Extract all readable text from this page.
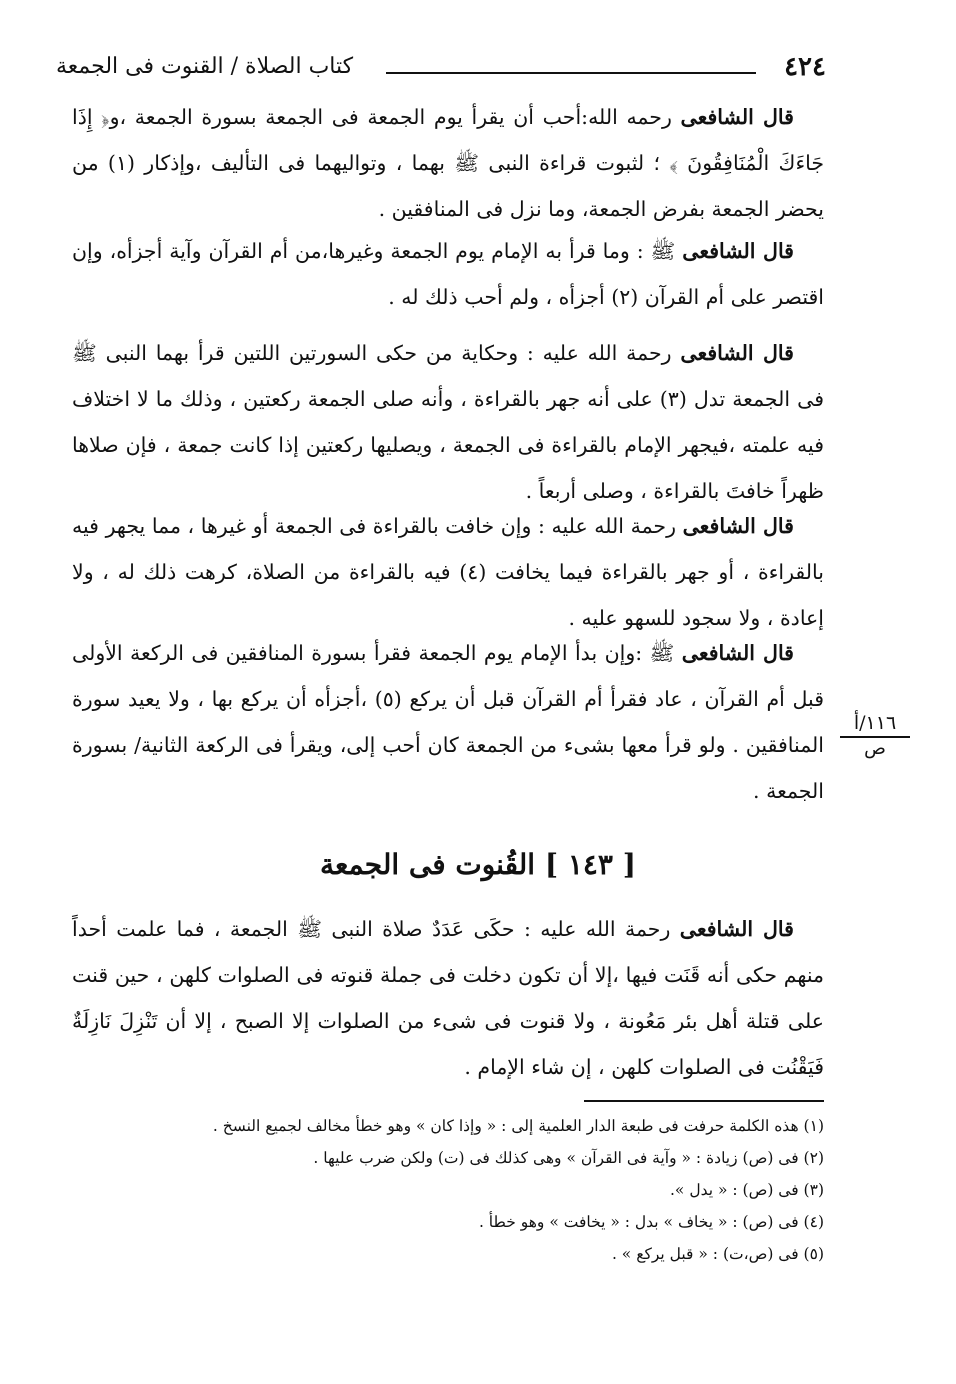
٤٢٤
كتاب الصلاة / القنوت فى الجمعة

قال الشافعى رحمه الله:أحب أن يقرأ يوم الجمعة فى الجمعة بسورة الجمعة ،و﴿ إِذَا جَاءَكَ الْمُنَافِقُونَ ﴾ ؛ لثبوت قراءة النبى ﷺ بهما ، وتواليهما فى التأليف ،وإذكار (١) من يحضر الجمعة بفرض الجمعة، وما نزل فى المنافقين .

قال الشافعى ﷺ : وما قرأ به الإمام يوم الجمعة وغيرها،من أم القرآن وآية أجزأه، وإن اقتصر على أم القرآن (٢) أجزأه ، ولم أحب ذلك له .

قال الشافعى رحمة الله عليه : وحكاية من حكى السورتين اللتين قرأ بهما النبى ﷺ فى الجمعة تدل (٣) على أنه جهر بالقراءة ، وأنه صلى الجمعة ركعتين ، وذلك ما لا اختلاف فيه علمته ،فيجهر الإمام بالقراءة فى الجمعة ، ويصليها ركعتين إذا كانت جمعة ، فإن صلاها ظهراً خافتَ بالقراءة ، وصلى أربعاً .

قال الشافعى رحمة الله عليه : وإن خافت بالقراءة فى الجمعة أو غيرها ، مما يجهر فيه بالقراءة ، أو جهر بالقراءة فيما يخافت (٤) فيه بالقراءة من الصلاة، كرهت ذلك له ، ولا إعادة ، ولا سجود للسهو عليه .

قال الشافعى ﷺ :وإن بدأ الإمام يوم الجمعة فقرأ بسورة المنافقين فى الركعة الأولى قبل أم القرآن ، عاد فقرأ أم القرآن قبل أن يركع (٥) ،أجزأه أن يركع بها ، ولا يعيد سورة المنافقين . ولو قرأ معها بشىء من الجمعة كان أحب إلى، ويقرأ فى الركعة الثانية/ بسورة الجمعة .

١١٦/أ
ص
[ ١٤٣ ] القُنوت فى الجمعة

قال الشافعى رحمة الله عليه : حكَى عَدَدٌ صلاة النبى ﷺ الجمعة ، فما علمت أحداً منهم حكى أنه قَنَت فيها ،إلا أن تكون دخلت فى جملة قنوته فى الصلوات كلهن ، حين قنت على قتلة أهل بئر مَعُونة ، ولا قنوت فى شىء من الصلوات إلا الصبح ، إلا أن تَنْزِلَ نَازِلَةٌ فَيَقْنُت فى الصلوات كلهن ، إن شاء الإمام .

(١) هذه الكلمة حرفت فى طبعة الدار العلمية إلى : « وإذا كان » وهو خطأ مخالف لجميع النسخ .

(٢) فى (ص) زيادة : « وآية فى القرآن » وهى كذلك فى (ت) ولكن ضرب عليها .

(٣) فى (ص) : « يدل ».

(٤) فى (ص) : « يخاف » بدل : « يخافت » وهو خطأ .

(٥) فى (ص،ت) : « قبل يركع » .
